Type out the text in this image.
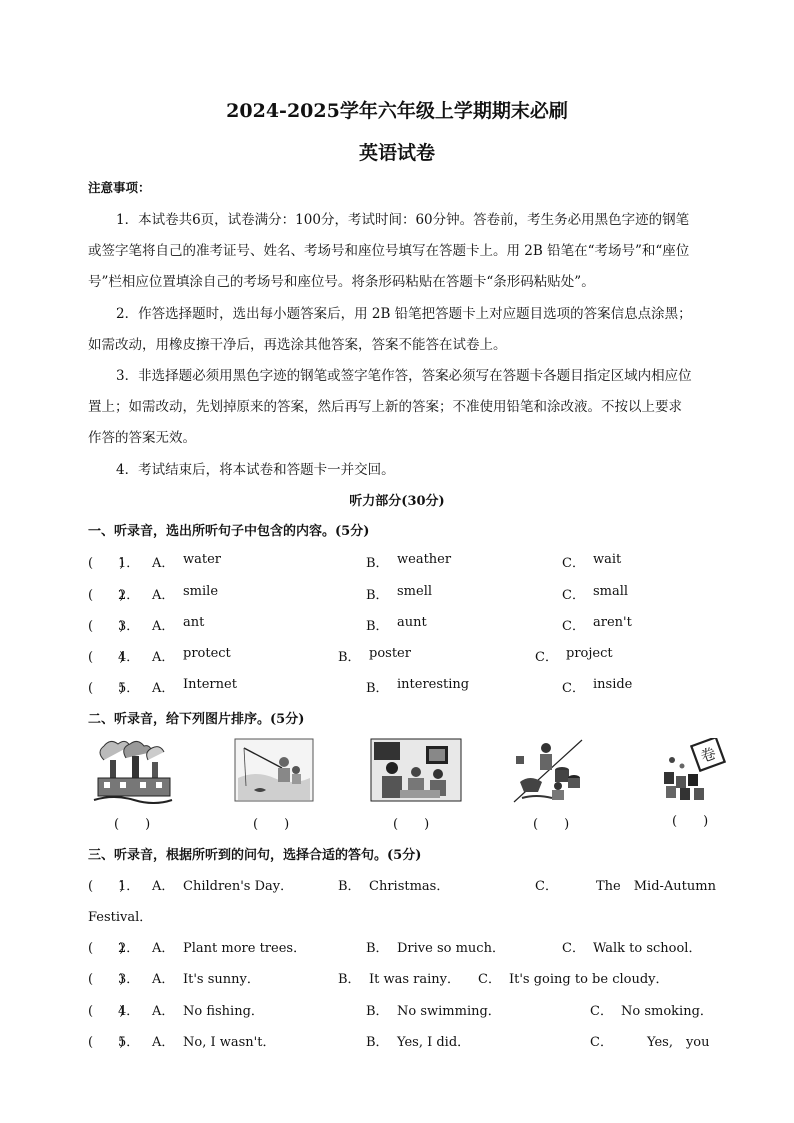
2024-2025学年六年级上学期期末必刷
英语试卷
注意事项：
1．本试卷共6页，试卷满分：100分，考试时间：60分钟。答卷前，考生务必用黑色字迹的钢笔
或签字笔将自己的准考证号、姓名、考场号和座位号填写在答题卡上。用 2B 铅笔在“考场号”和“座位
号”栏相应位置填涂自己的考场号和座位号。将条形码粘贴在答题卡“条形码粘贴处”。
2．作答选择题时，选出每小题答案后，用 2B 铅笔把答题卡上对应题目选项的答案信息点涂黑；
如需改动，用橡皮擦干净后，再选涂其他答案，答案不能答在试卷上。
3．非选择题必须用黑色字迹的钢笔或签字笔作答，答案必须写在答题卡各题目指定区域内相应位
置上；如需改动，先划掉原来的答案，然后再写上新的答案；不准使用铅笔和涂改液。不按以上要求
作答的答案无效。
4．考试结束后，将本试卷和答题卡一并交回。
听力部分(30分)
一、听录音，选出所听句子中包含的内容。(5分)
(　　)
1． A． water	B． weather	C． wait
(　　)
2． A． smile	B． smell	C． small
(　　)
3． A． ant	B． aunt	C． aren't
(　　)
4． A． protect	B． poster	C． project
(　　)
5． A． Internet	B． interesting	C． inside
二、听录音，给下列图片排序。(5分)
卷
(　　)	(　　)	(　　)	(　　)	(　　)
三、听录音，根据所听到的问句，选择合适的答句。(5分)
(　　)
1． A． Children's Day．	B． Christmas．	C．	The　Mid-Autumn
Festival．
(　　)
2． A． Plant more trees．	B． Drive so much．	C． Walk to school．
(　　)
3． A． It's sunny．	B． It was rainy． C． It's going to be cloudy．
(　　)
4． A． No fishing．	B． No swimming．	C． No smoking．
(　　)
5． A． No, I wasn't．	B． Yes, I did．	C．	Yes,　you
